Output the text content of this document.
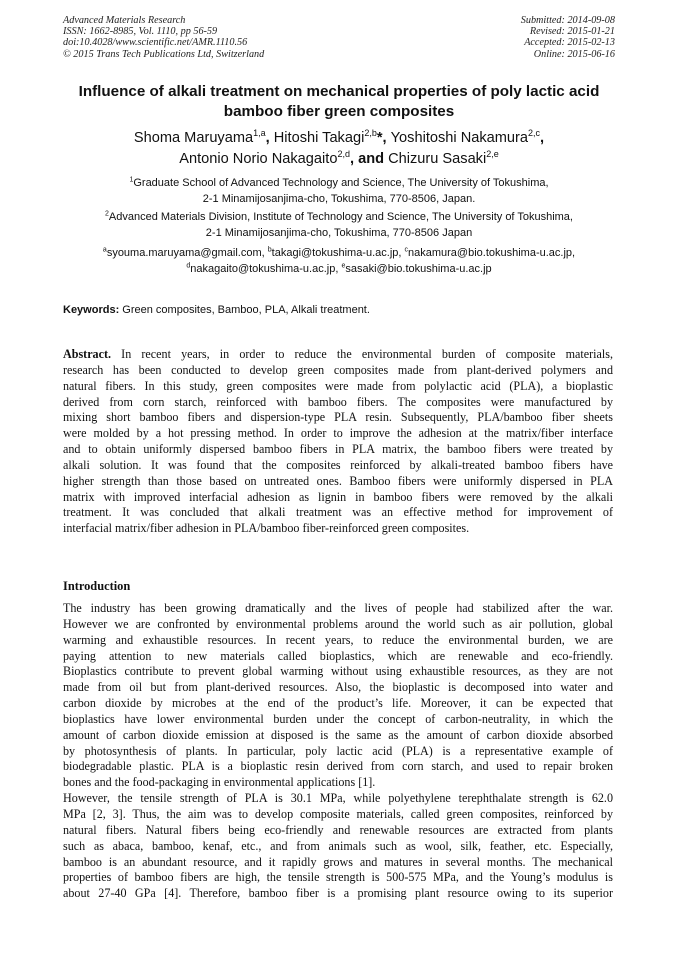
Advanced Materials Research
ISSN: 1662-8985, Vol. 1110, pp 56-59
doi:10.4028/www.scientific.net/AMR.1110.56
© 2015 Trans Tech Publications Ltd, Switzerland
Submitted: 2014-09-08
Revised: 2015-01-21
Accepted: 2015-02-13
Online: 2015-06-16
Influence of alkali treatment on mechanical properties of poly lactic acid
bamboo fiber green composites
Shoma Maruyama$^{1,a}$, Hitoshi Takagi$^{2,b}$*, Yoshitoshi Nakamura$^{2,c}$,
Antonio Norio Nakagaito$^{2,d}$, and Chizuru Sasaki$^{2,e}$
$^1$Graduate School of Advanced Technology and Science, The University of Tokushima,
2-1 Minamijosanjima-cho, Tokushima, 770-8506, Japan.
$^2$Advanced Materials Division, Institute of Technology and Science, The University of Tokushima,
2-1 Minamijosanjima-cho, Tokushima, 770-8506 Japan
$^a$syouma.maruyama@gmail.com, $^b$takagi@tokushima-u.ac.jp, $^c$nakamura@bio.tokushima-u.ac.jp,
$^d$nakagaito@tokushima-u.ac.jp, $^e$sasaki@bio.tokushima-u.ac.jp
Keywords: Green composites, Bamboo, PLA, Alkali treatment.
Abstract. In recent years, in order to reduce the environmental burden of composite materials,
research has been conducted to develop green composites made from plant-derived polymers and
natural fibers. In this study, green composites were made from polylactic acid (PLA), a bioplastic
derived from corn starch, reinforced with bamboo fibers. The composites were manufactured by
mixing short bamboo fibers and dispersion-type PLA resin. Subsequently, PLA/bamboo fiber sheets
were molded by a hot pressing method. In order to improve the adhesion at the matrix/fiber interface
and to obtain uniformly dispersed bamboo fibers in PLA matrix, the bamboo fibers were treated by
alkali solution. It was found that the composites reinforced by alkali-treated bamboo fibers have
higher strength than those based on untreated ones. Bamboo fibers were uniformly dispersed in PLA
matrix with improved interfacial adhesion as lignin in bamboo fibers were removed by the alkali
treatment. It was concluded that alkali treatment was an effective method for improvement of
interfacial matrix/fiber adhesion in PLA/bamboo fiber-reinforced green composites.
Introduction
The industry has been growing dramatically and the lives of people had stabilized after the war.
However we are confronted by environmental problems around the world such as air pollution, global
warming and exhaustible resources. In recent years, to reduce the environmental burden, we are
paying attention to new materials called bioplastics, which are renewable and eco-friendly.
Bioplastics contribute to prevent global warming without using exhaustible resources, as they are not
made from oil but from plant-derived resources. Also, the bioplastic is decomposed into water and
carbon dioxide by microbes at the end of the product’s life. Moreover, it can be expected that
bioplastics have lower environmental burden under the concept of carbon-neutrality, in which the
amount of carbon dioxide emission at disposed is the same as the amount of carbon dioxide absorbed
by photosynthesis of plants. In particular, poly lactic acid (PLA) is a representative example of
biodegradable plastic. PLA is a bioplastic resin derived from corn starch, and used to repair broken
bones and the food-packaging in environmental applications [1].
However, the tensile strength of PLA is 30.1 MPa, while polyethylene terephthalate strength is 62.0
MPa [2, 3]. Thus, the aim was to develop composite materials, called green composites, reinforced by
natural fibers. Natural fibers being eco-friendly and renewable resources are extracted from plants
such as abaca, bamboo, kenaf, etc., and from animals such as wool, silk, feather, etc. Especially,
bamboo is an abundant resource, and it rapidly grows and matures in several months. The mechanical
properties of bamboo fibers are high, the tensile strength is 500-575 MPa, and the Young’s modulus is
about 27-40 GPa [4]. Therefore, bamboo fiber is a promising plant resource owing to its superior
